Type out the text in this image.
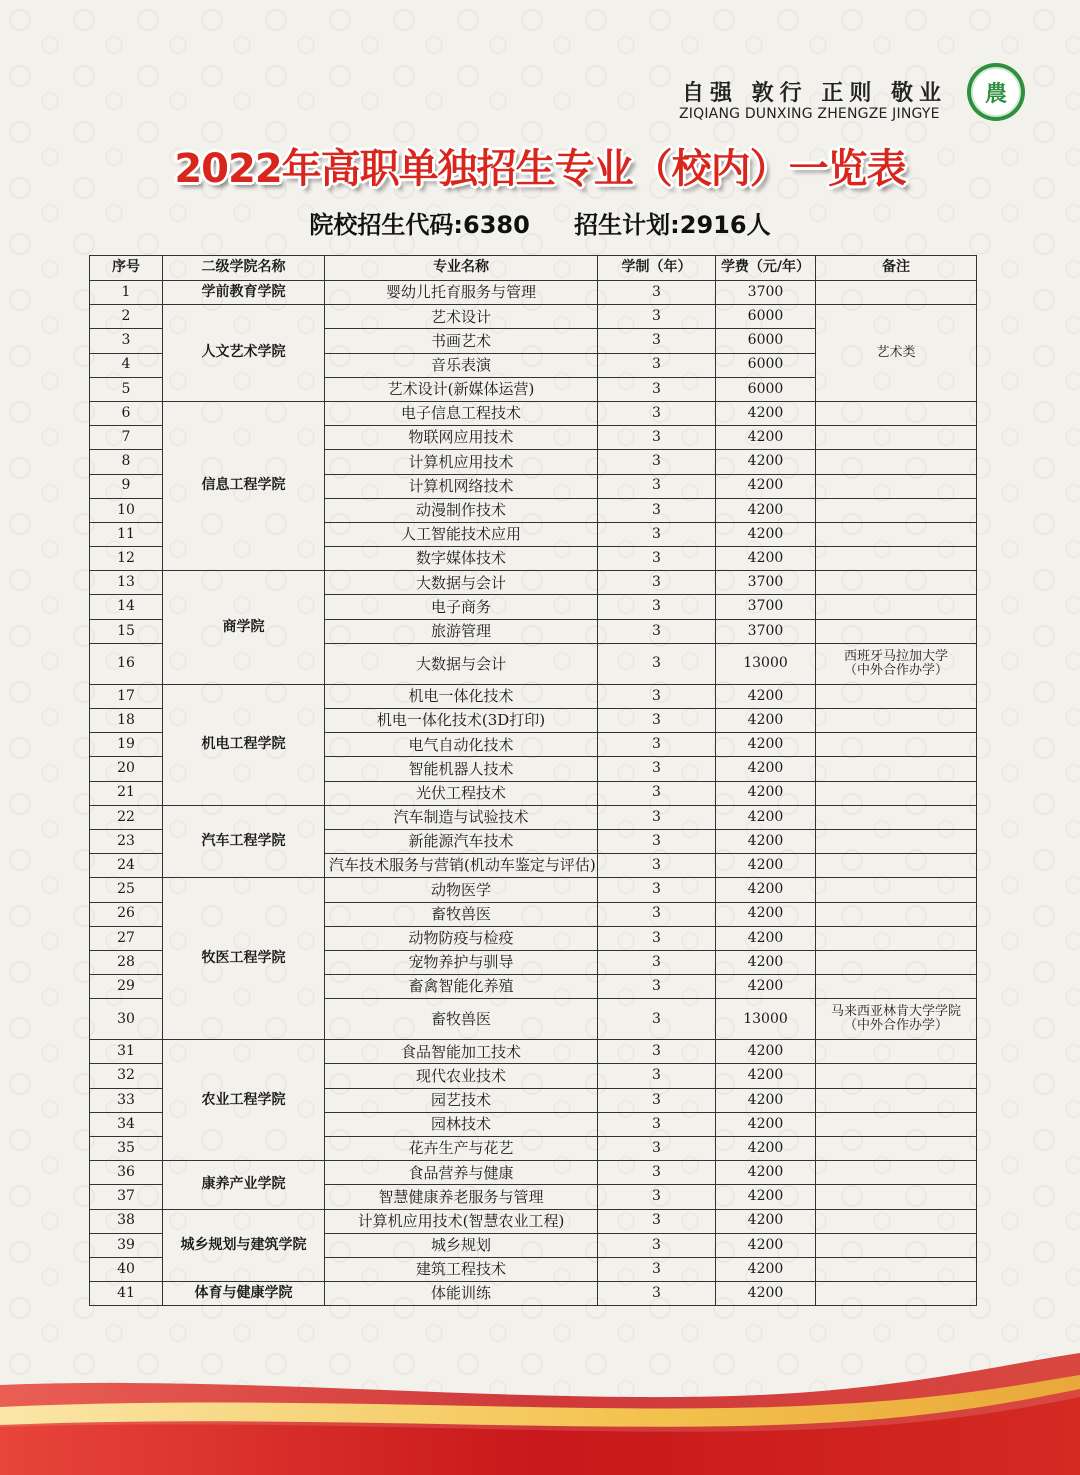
自强 敦行 正则 敬业
ZIQIANG DUNXING ZHENGZE JINGYE
農
2022年高职单独招生专业（校内）一览表
院校招生代码:6380 招生计划:2916人
序号	二级学院名称	专业名称	学制（年）	学费（元/年）	备注
1	学前教育学院	婴幼儿托育服务与管理	3	3700	
2	人文艺术学院	艺术设计	3	6000	艺术类
3		书画艺术	3	6000	
4		音乐表演	3	6000	
5		艺术设计(新媒体运营)	3	6000	
6	信息工程学院	电子信息工程技术	3	4200	
7		物联网应用技术	3	4200	
8		计算机应用技术	3	4200	
9		计算机网络技术	3	4200	
10		动漫制作技术	3	4200	
11		人工智能技术应用	3	4200	
12		数字媒体技术	3	4200	
13	商学院	大数据与会计	3	3700	
14		电子商务	3	3700	
15		旅游管理	3	3700	
16		大数据与会计	3	13000	西班牙马拉加大学
（中外合作办学）
17	机电工程学院	机电一体化技术	3	4200	
18		机电一体化技术(3D打印)	3	4200	
19		电气自动化技术	3	4200	
20		智能机器人技术	3	4200	
21		光伏工程技术	3	4200	
22	汽车工程学院	汽车制造与试验技术	3	4200	
23		新能源汽车技术	3	4200	
24		汽车技术服务与营销(机动车鉴定与评估)	3	4200	
25	牧医工程学院	动物医学	3	4200	
26		畜牧兽医	3	4200	
27		动物防疫与检疫	3	4200	
28		宠物养护与驯导	3	4200	
29		畜禽智能化养殖	3	4200	
30		畜牧兽医	3	13000	马来西亚林肯大学学院
（中外合作办学）
31	农业工程学院	食品智能加工技术	3	4200	
32		现代农业技术	3	4200	
33		园艺技术	3	4200	
34		园林技术	3	4200	
35		花卉生产与花艺	3	4200	
36	康养产业学院	食品营养与健康	3	4200	
37		智慧健康养老服务与管理	3	4200	
38	城乡规划与建筑学院	计算机应用技术(智慧农业工程)	3	4200	
39		城乡规划	3	4200	
40		建筑工程技术	3	4200	
41	体育与健康学院	体能训练	3	4200	
